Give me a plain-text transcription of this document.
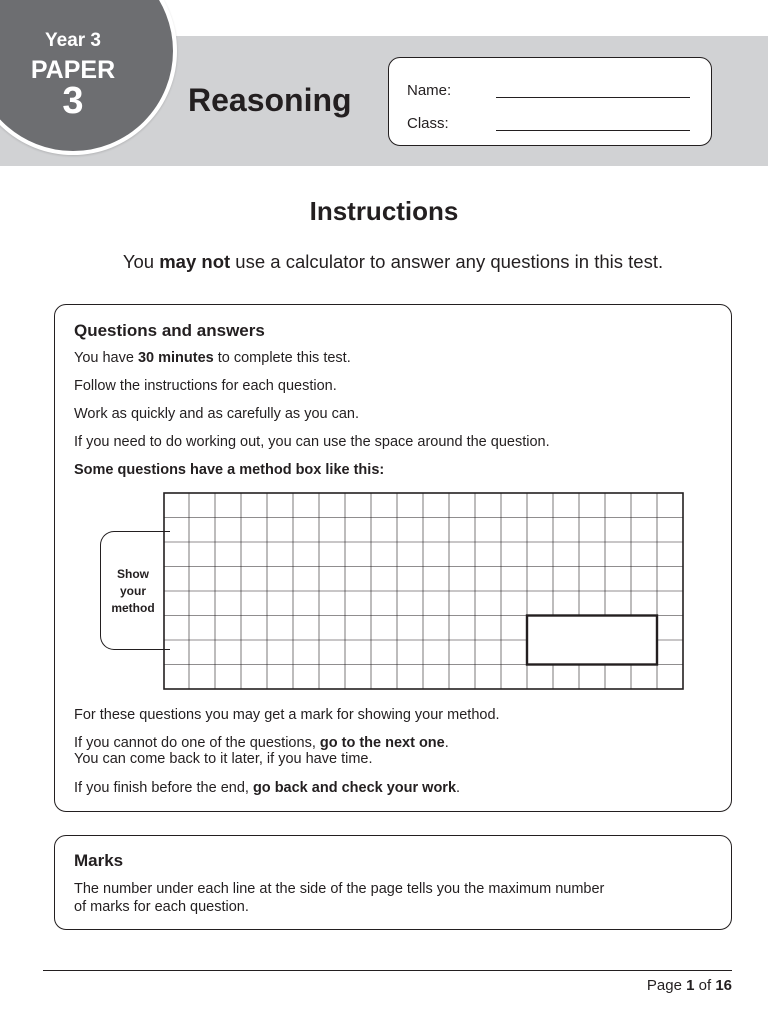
Year 3
PAPER
3	Reasoning	Name:
Class:
Instructions
You may not use a calculator to answer any questions in this test.
Questions and answers
You have 30 minutes to complete this test.
Follow the instructions for each question.
Work as quickly and as carefully as you can.
If you need to do working out, you can use the space around the question.
Some questions have a method box like this:
Show
your
method
For these questions you may get a mark for showing your method.
If you cannot do one of the questions, go to the next one.
You can come back to it later, if you have time.
If you finish before the end, go back and check your work.
Marks
The number under each line at the side of the page tells you the maximum number
of marks for each question.
Page 1 of 16
